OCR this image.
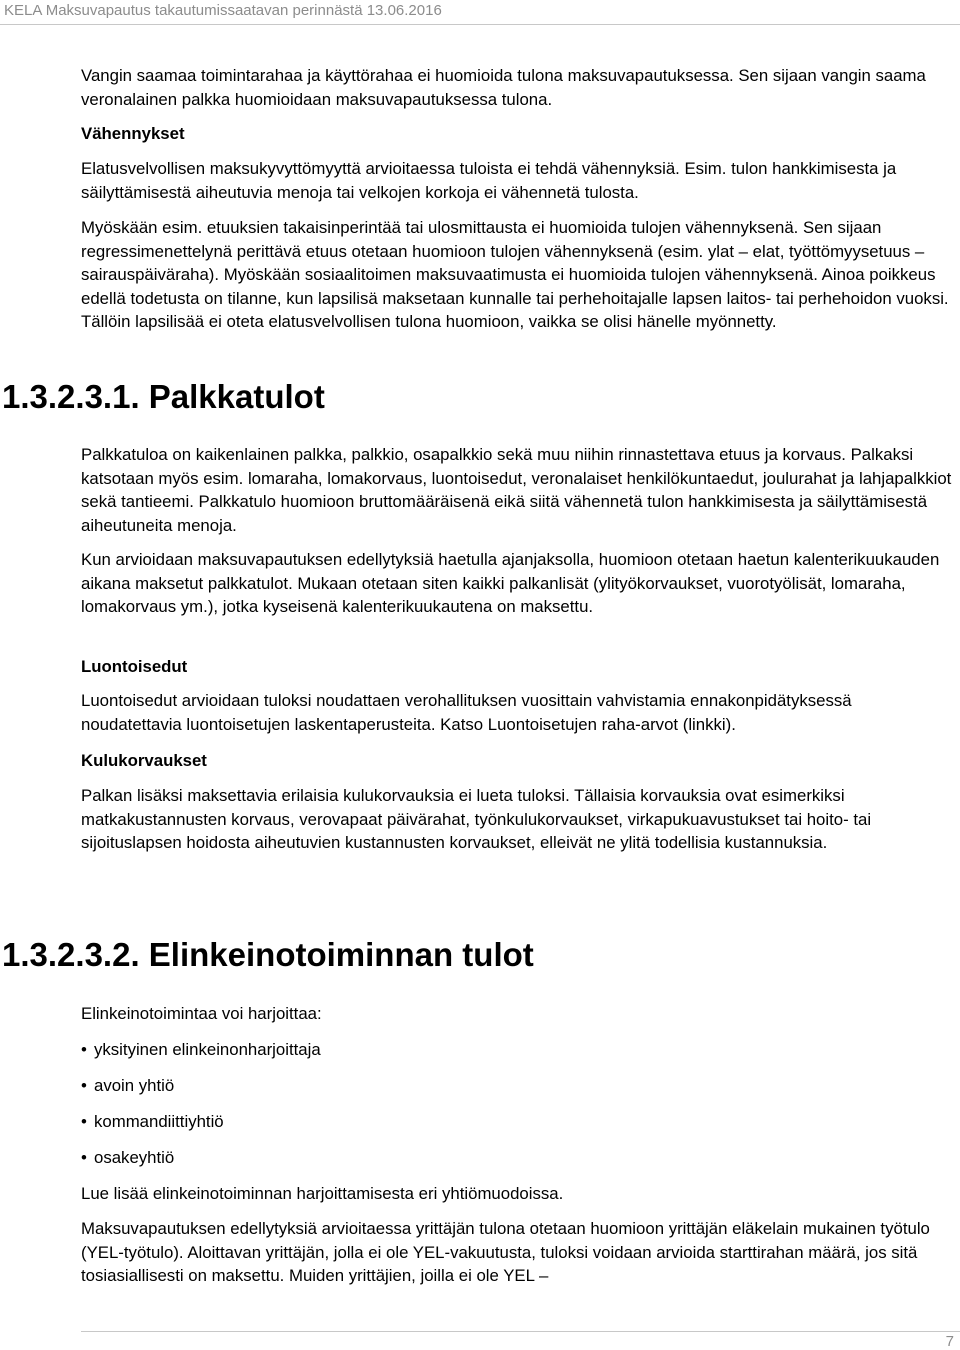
KELA Maksuvapautus takautumissaatavan perinnästä 13.06.2016

Vangin saamaa toimintarahaa ja käyttörahaa ei huomioida tulona maksuvapautuksessa. Sen sijaan vangin saama veronalainen palkka huomioidaan maksuvapautuksessa tulona.

Vähennykset

Elatusvelvollisen maksukyvyttömyyttä arvioitaessa tuloista ei tehdä vähennyksiä. Esim. tulon hankkimisesta ja säilyttämisestä aiheutuvia menoja tai velkojen korkoja ei vähennetä tulosta.

Myöskään esim. etuuksien takaisinperintää tai ulosmittausta ei huomioida tulojen vähennyksenä. Sen sijaan regressimenettelynä perittävä etuus otetaan huomioon tulojen vähennyksenä (esim. ylat – elat, työttömyysetuus – sairauspäiväraha). Myöskään sosiaalitoimen maksuvaatimusta ei huomioida tulojen vähennyksenä. Ainoa poikkeus edellä todetusta on tilanne, kun lapsilisä maksetaan kunnalle tai perhehoitajalle lapsen laitos- tai perhehoidon vuoksi. Tällöin lapsilisää ei oteta elatusvelvollisen tulona huomioon, vaikka se olisi hänelle myönnetty.

1.3.2.3.1. Palkkatulot

Palkkatuloa on kaikenlainen palkka, palkkio, osapalkkio sekä muu niihin rinnastettava etuus ja korvaus. Palkaksi katsotaan myös esim. lomaraha, lomakorvaus, luontoisedut, veronalaiset henkilökuntaedut, joulurahat ja lahjapalkkiot sekä tantieemi. Palkkatulo huomioon bruttomääräisenä eikä siitä vähennetä tulon hankkimisesta ja säilyttämisestä aiheutuneita menoja.

Kun arvioidaan maksuvapautuksen edellytyksiä haetulla ajanjaksolla, huomioon otetaan haetun kalenterikuukauden aikana maksetut palkkatulot. Mukaan otetaan siten kaikki palkanlisät (ylityökorvaukset, vuorotyölisät, lomaraha, lomakorvaus ym.), jotka kyseisenä kalenterikuukautena on maksettu.

Luontoisedut

Luontoisedut arvioidaan tuloksi noudattaen verohallituksen vuosittain vahvistamia ennakonpidätyksessä noudatettavia luontoisetujen laskentaperusteita. Katso Luontoisetujen raha-arvot (linkki).

Kulukorvaukset

Palkan lisäksi maksettavia erilaisia kulukorvauksia ei lueta tuloksi. Tällaisia korvauksia ovat esimerkiksi matkakustannusten korvaus, verovapaat päivärahat, työnkulukorvaukset, virkapukuavustukset tai hoito- tai sijoituslapsen hoidosta aiheutuvien kustannusten korvaukset, elleivät ne ylitä todellisia kustannuksia.

1.3.2.3.2. Elinkeinotoiminnan tulot

Elinkeinotoimintaa voi harjoittaa:

• yksityinen elinkeinonharjoittaja
• avoin yhtiö
• kommandiittiyhtiö
• osakeyhtiö

Lue lisää elinkeinotoiminnan harjoittamisesta eri yhtiömuodoissa.

Maksuvapautuksen edellytyksiä arvioitaessa yrittäjän tulona otetaan huomioon yrittäjän eläkelain mukainen työtulo (YEL-työtulo). Aloittavan yrittäjän, jolla ei ole YEL-vakuutusta, tuloksi voidaan arvioida starttirahan määrä, jos sitä tosiasiallisesti on maksettu. Muiden yrittäjien, joilla ei ole YEL –

7
